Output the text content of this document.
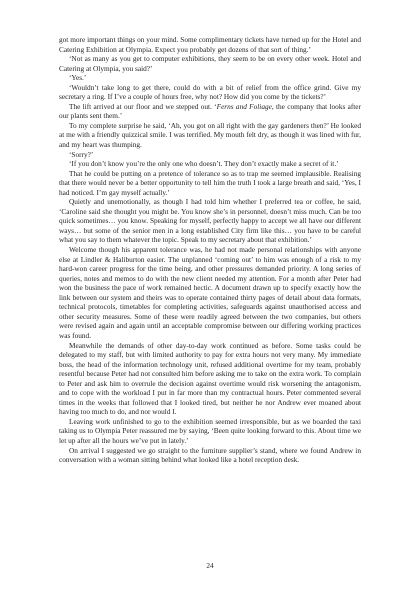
got more important things on your mind. Some complimentary tickets have turned up for the Hotel and Catering Exhibition at Olympia. Expect you probably get dozens of that sort of thing.’

‘Not as many as you get to computer exhibitions, they seem to be on every other week. Hotel and Catering at Olympia, you said?’

‘Yes.’

‘Wouldn’t take long to get there, could do with a bit of relief from the office grind. Give my secretary a ring. If I’ve a couple of hours free, why not? How did you come by the tickets?’

The lift arrived at our floor and we stepped out. ‘Ferns and Foliage, the company that looks after our plants sent them.’

To my complete surprise he said, ‘Ah, you got on all right with the gay gardeners then?’ He looked at me with a friendly quizzical smile. I was terrified. My mouth felt dry, as though it was lined with fur, and my heart was thumping.

‘Sorry?’

‘If you don’t know you’re the only one who doesn’t. They don’t exactly make a secret of it.’

That he could be putting on a pretence of tolerance so as to trap me seemed implausible. Realising that there would never be a better opportunity to tell him the truth I took a large breath and said, ‘Yes, I had noticed. I’m gay myself actually.’

Quietly and unemotionally, as though I had told him whether I preferred tea or coffee, he said, ‘Caroline said she thought you might be. You know she’s in personnel, doesn’t miss much. Can be too quick sometimes… you know. Speaking for myself, perfectly happy to accept we all have our different ways… but some of the senior men in a long established City firm like this… you have to be careful what you say to them whatever the topic. Speak to my secretary about that exhibition.’

Welcome though his apparent tolerance was, he had not made personal relationships with anyone else at Lindler & Haliburton easier. The unplanned ‘coming out’ to him was enough of a risk to my hard-won career progress for the time being, and other pressures demanded priority. A long series of queries, notes and memos to do with the new client needed my attention. For a month after Peter had won the business the pace of work remained hectic. A document drawn up to specify exactly how the link between our system and theirs was to operate contained thirty pages of detail about data formats, technical protocols, timetables for completing activities, safeguards against unauthorised access and other security measures. Some of these were readily agreed between the two companies, but others were revised again and again until an acceptable compromise between our differing working practices was found.

Meanwhile the demands of other day-to-day work continued as before. Some tasks could be delegated to my staff, but with limited authority to pay for extra hours not very many. My immediate boss, the head of the information technology unit, refused additional overtime for my team, probably resentful because Peter had not consulted him before asking me to take on the extra work. To complain to Peter and ask him to overrule the decision against overtime would risk worsening the antagonism, and to cope with the workload I put in far more than my contractual hours. Peter commented several times in the weeks that followed that I looked tired, but neither he nor Andrew ever moaned about having too much to do, and nor would I.

Leaving work unfinished to go to the exhibition seemed irresponsible, but as we boarded the taxi taking us to Olympia Peter reassured me by saying, ‘Been quite looking forward to this. About time we let up after all the hours we’ve put in lately.’

On arrival I suggested we go straight to the furniture supplier’s stand, where we found Andrew in conversation with a woman sitting behind what looked like a hotel reception desk.

24
